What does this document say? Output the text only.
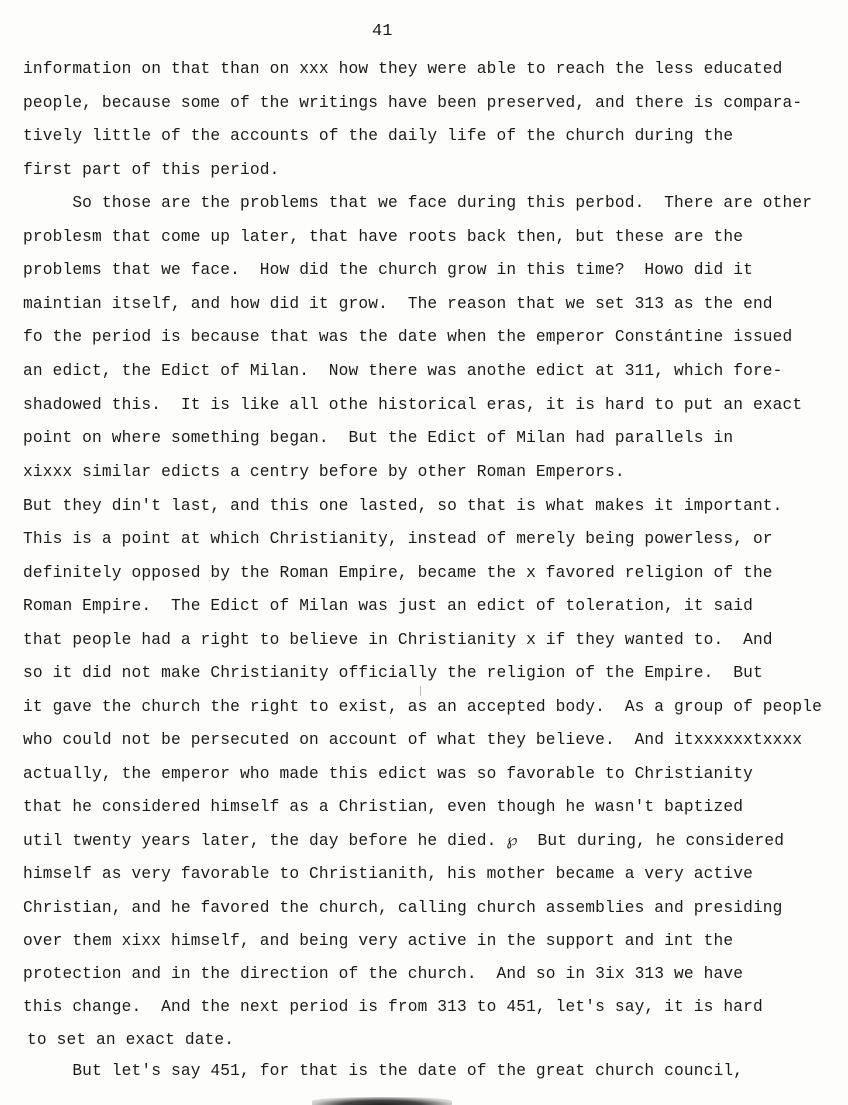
41
information on that than on xxx how they were able to reach the less educated
people, because some of the writings have been preserved, and there is compara-
tively little of the accounts of the daily life of the church during the
first part of this period.
So those are the problems that we face during this perbod.  There are other
problesm that come up later, that have roots back then, but these are the
problems that we face.  How did the church grow in this time?  Howo did it
maintian itself, and how did it grow.  The reason that we set 313 as the end
fo the period is because that was the date when the emperor Constántine issued
an edict, the Edict of Milan.  Now there was anothe edict at 311, which fore-
shadowed this.  It is like all othe historical eras, it is hard to put an exact
point on where something began.  But the Edict of Milan had parallels in
xixxx similar edicts a centry before by other Roman Emperors.
But they din't last, and this one lasted, so that is what makes it important.
This is a point at which Christianity, instead of merely being powerless, or
definitely opposed by the Roman Empire, became the x favored religion of the
Roman Empire.  The Edict of Milan was just an edict of toleration, it said
that people had a right to believe in Christianity x if they wanted to.  And
so it did not make Christianity officially the religion of the Empire.  But
it gave the church the right to exist, as an accepted body.  As a group of people
who could not be persecuted on account of what they believe.  And itxxxxxxtxxxx
actually, the emperor who made this edict was so favorable to Christianity
that he considered himself as a Christian, even though he wasn't baptized
util twenty years later, the day before he died. ℘  But during, he considered
himself as very favorable to Christianith, his mother became a very active
Christian, and he favored the church, calling church assemblies and presiding
over them xixx himself, and being very active in the support and int the
protection and in the direction of the church.  And so in 3ix 313 we have
this change.  And the next period is from 313 to 451, let's say, it is hard
to set an exact date.
But let's say 451, for that is the date of the great church council,
